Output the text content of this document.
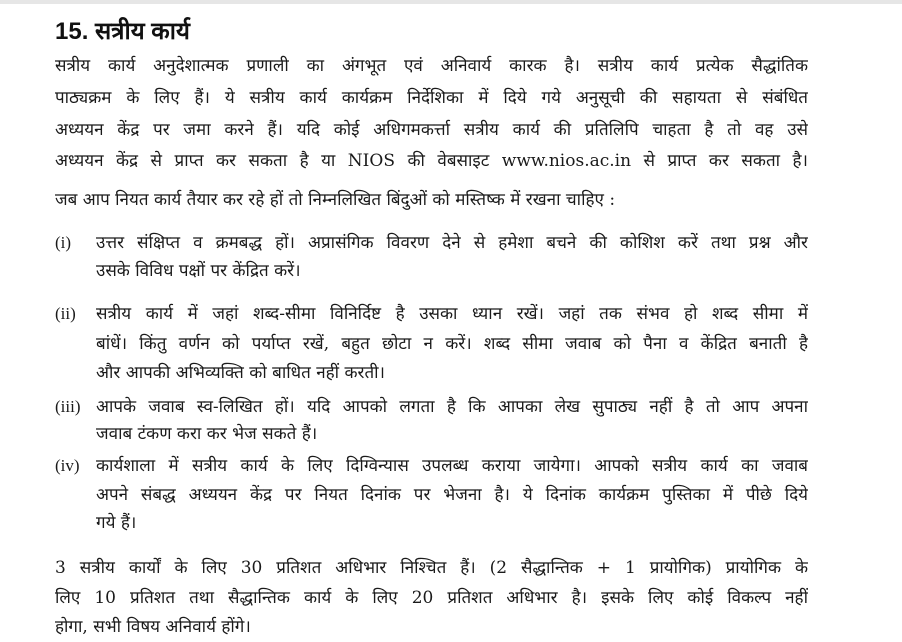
15. सत्रीय कार्य
सत्रीय कार्य अनुदेशात्मक प्रणाली का अंगभूत एवं अनिवार्य कारक है। सत्रीय कार्य प्रत्येक सैद्धांतिक
पाठ्यक्रम के लिए हैं। ये सत्रीय कार्य कार्यक्रम निर्देशिका में दिये गये अनुसूची की सहायता से संबंधित
अध्ययन केंद्र पर जमा करने हैं। यदि कोई अधिगमकर्त्ता सत्रीय कार्य की प्रतिलिपि चाहता है तो वह उसे
अध्ययन केंद्र से प्राप्त कर सकता है या NIOS की वेबसाइट www.nios.ac.in से प्राप्त कर सकता है।
जब आप नियत कार्य तैयार कर रहे हों तो निम्नलिखित बिंदुओं को मस्तिष्क में रखना चाहिए :
(i) उत्तर संक्षिप्त व क्रमबद्ध हों। अप्रासंगिक विवरण देने से हमेशा बचने की कोशिश करें तथा प्रश्न और
उसके विविध पक्षों पर केंद्रित करें।
(ii) सत्रीय कार्य में जहां शब्द-सीमा विनिर्दिष्ट है उसका ध्यान रखें। जहां तक संभव हो शब्द सीमा में
बांधें। किंतु वर्णन को पर्याप्त रखें, बहुत छोटा न करें। शब्द सीमा जवाब को पैना व केंद्रित बनाती है
और आपकी अभिव्यक्ति को बाधित नहीं करती।
(iii) आपके जवाब स्व-लिखित हों। यदि आपको लगता है कि आपका लेख सुपाठ्य नहीं है तो आप अपना
जवाब टंकण करा कर भेज सकते हैं।
(iv) कार्यशाला में सत्रीय कार्य के लिए दिग्विन्यास उपलब्ध कराया जायेगा। आपको सत्रीय कार्य का जवाब
अपने संबद्ध अध्ययन केंद्र पर नियत दिनांक पर भेजना है। ये दिनांक कार्यक्रम पुस्तिका में पीछे दिये
गये हैं।
3 सत्रीय कार्यों के लिए 30 प्रतिशत अधिभार निश्चित हैं। (2 सैद्धान्तिक + 1 प्रायोगिक) प्रायोगिक के
लिए 10 प्रतिशत तथा सैद्धान्तिक कार्य के लिए 20 प्रतिशत अधिभार है। इसके लिए कोई विकल्प नहीं
होगा, सभी विषय अनिवार्य होंगे।
